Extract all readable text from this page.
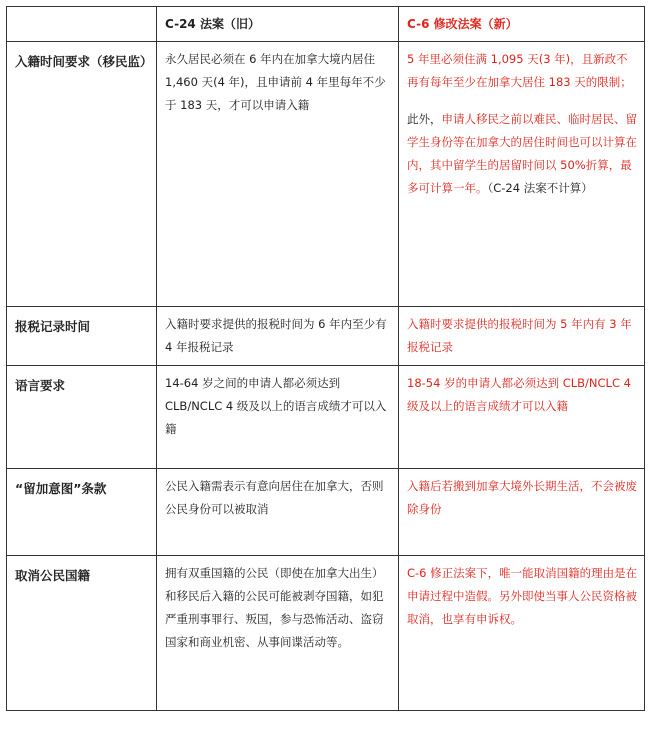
	C-24 法案（旧）	C-6 修改法案（新）
入籍时间要求（移民监）	永久居民必须在 6 年内在加拿大境内居住 1,460 天(4 年)，且申请前 4 年里每年不少于 183 天，才可以申请入籍	5 年里必须住满 1,095 天(3 年)，且新政不再有每年至少在加拿大居住 183 天的限制；

此外，申请人移民之前以难民、临时居民、留学生身份等在加拿大的居住时间也可以计算在内，其中留学生的居留时间以 50%折算，最多可计算一年。（C-24 法案不计算）

报税记录时间	入籍时要求提供的报税时间为 6 年内至少有 4 年报税记录	入籍时要求提供的报税时间为 5 年内有 3 年报税记录
语言要求	14-64 岁之间的申请人都必须达到 CLB/NCLC 4 级及以上的语言成绩才可以入籍	18-54 岁的申请人都必须达到 CLB/NCLC 4 级及以上的语言成绩才可以入籍
“留加意图”条款	公民入籍需表示有意向居住在加拿大，否则公民身份可以被取消	入籍后若搬到加拿大境外长期生活，不会被废除身份
取消公民国籍	拥有双重国籍的公民（即使在加拿大出生）和移民后入籍的公民可能被剥夺国籍，如犯严重刑事罪行、叛国，参与恐怖活动、盗窃国家和商业机密、从事间谍活动等。	C-6 修正法案下，唯一能取消国籍的理由是在申请过程中造假。另外即使当事人公民资格被取消，也享有申诉权。
